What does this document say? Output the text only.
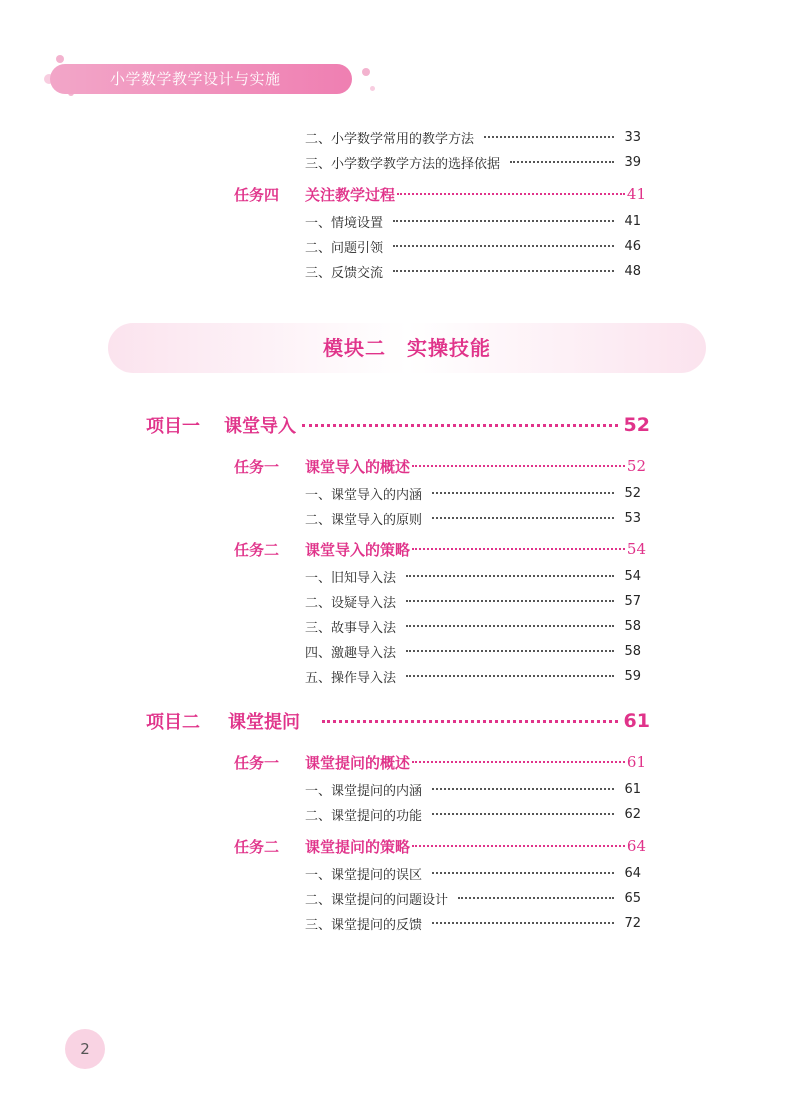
小学数学教学设计与实施
二、小学数学常用的教学方法	33
三、小学数学教学方法的选择依据	39
任务四 关注教学过程	41
一、情境设置	41
二、问题引领	46
三、反馈交流	48
模块二　实操技能
项目一 课堂导入	52
任务一 课堂导入的概述	52
一、课堂导入的内涵	52
二、课堂导入的原则	53
任务二 课堂导入的策略	54
一、旧知导入法	54
二、设疑导入法	57
三、故事导入法	58
四、激趣导入法	58
五、操作导入法	59
项目二 课堂提问	61
任务一 课堂提问的概述	61
一、课堂提问的内涵	61
二、课堂提问的功能	62
任务二 课堂提问的策略	64
一、课堂提问的误区	64
二、课堂提问的问题设计	65
三、课堂提问的反馈	72
2
